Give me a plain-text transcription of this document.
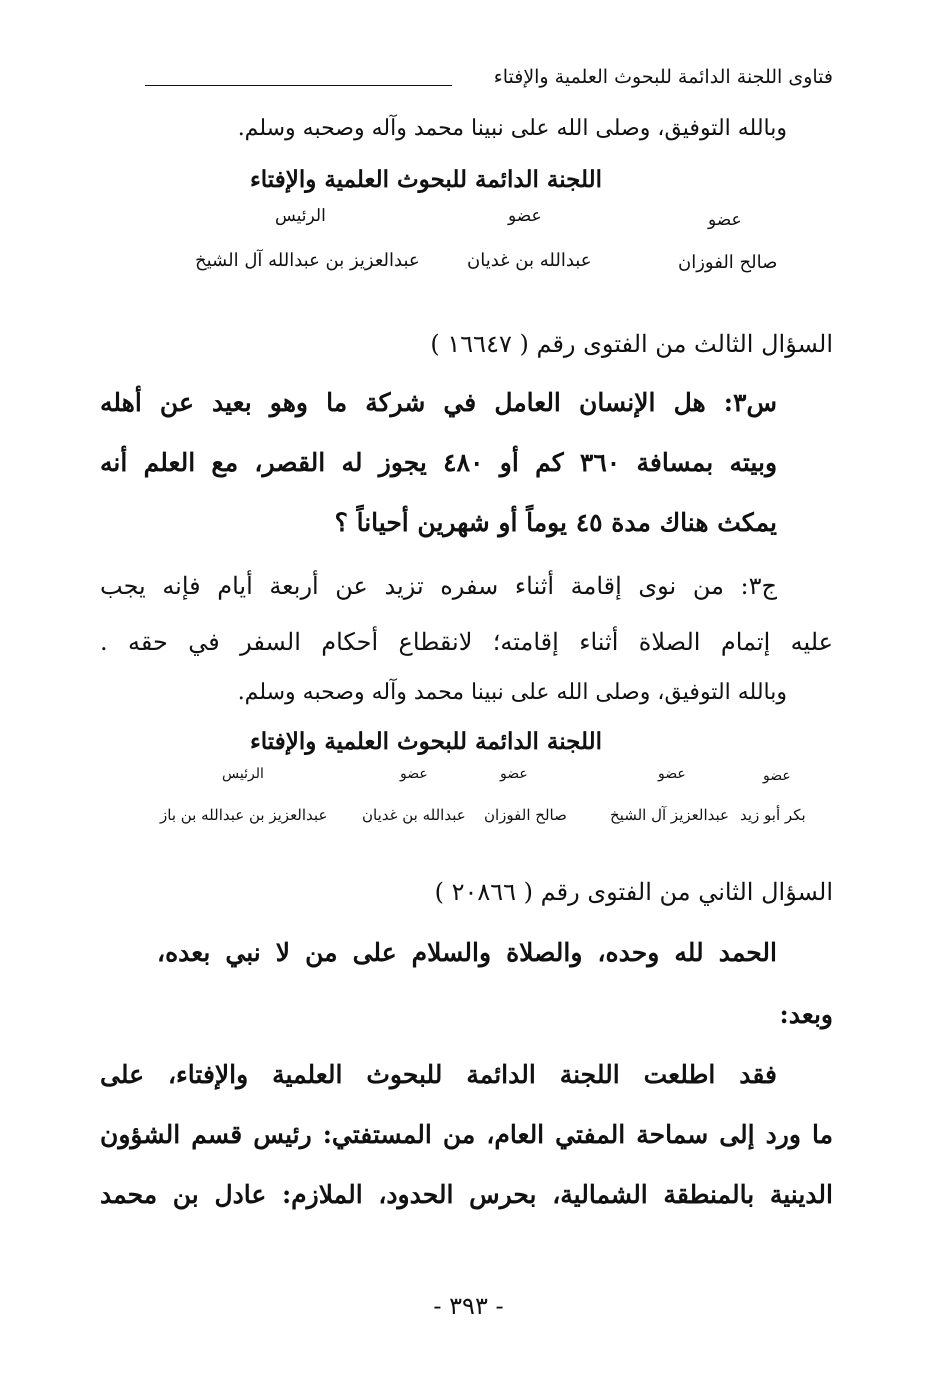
فتاوى اللجنة الدائمة للبحوث العلمية والإفتاء
وبالله التوفيق، وصلى الله على نبينا محمد وآله وصحبه وسلم.
اللجنة الدائمة للبحوث العلمية والإفتاء
عضو
صالح الفوزان
عضو
عبدالله بن غديان
الرئيس
عبدالعزيز بن عبدالله آل الشيخ
السؤال الثالث من الفتوى رقم ( ١٦٦٤٧ )
س٣: هل الإنسان العامل في شركة ما وهو بعيد عن أهله
وبيته بمسافة ٣٦٠ كم أو ٤٨٠ يجوز له القصر، مع العلم أنه
يمكث هناك مدة ٤٥ يوماً أو شهرين أحياناً ؟
ج٣: من نوى إقامة أثناء سفره تزيد عن أربعة أيام فإنه يجب
عليه إتمام الصلاة أثناء إقامته؛ لانقطاع أحكام السفر في حقه .
وبالله التوفيق، وصلى الله على نبينا محمد وآله وصحبه وسلم.
اللجنة الدائمة للبحوث العلمية والإفتاء
عضو
بكر أبو زيد
عضو
عبدالعزيز آل الشيخ
عضو
صالح الفوزان
عضو
عبدالله بن غديان
الرئيس
عبدالعزيز بن عبدالله بن باز
السؤال الثاني من الفتوى رقم ( ٢٠٨٦٦ )
الحمد لله وحده، والصلاة والسلام على من لا نبي بعده،
وبعد:
فقد اطلعت اللجنة الدائمة للبحوث العلمية والإفتاء، على
ما ورد إلى سماحة المفتي العام، من المستفتي: رئيس قسم الشؤون
الدينية بالمنطقة الشمالية، بحرس الحدود، الملازم: عادل بن محمد
- ٣٩٣ -
